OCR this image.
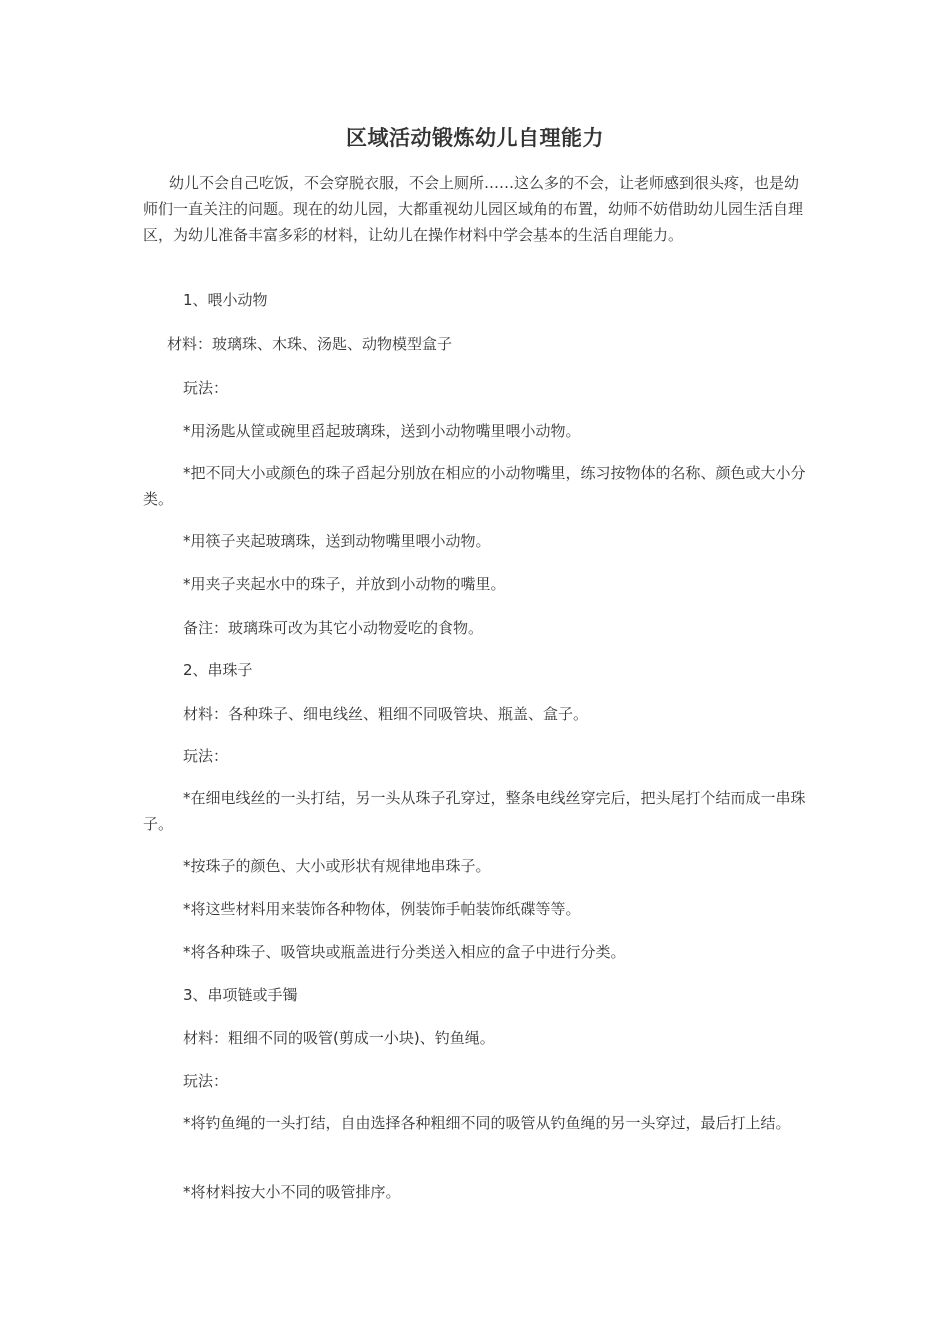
区域活动锻炼幼儿自理能力
幼儿不会自己吃饭，不会穿脱衣服，不会上厕所……这么多的不会，让老师感到很头疼，也是幼师们一直关注的问题。现在的幼儿园，大都重视幼儿园区域角的布置，幼师不妨借助幼儿园生活自理区，为幼儿准备丰富多彩的材料，让幼儿在操作材料中学会基本的生活自理能力。
1、喂小动物
材料：玻璃珠、木珠、汤匙、动物模型盒子
玩法：
*用汤匙从筐或碗里舀起玻璃珠，送到小动物嘴里喂小动物。
*把不同大小或颜色的珠子舀起分别放在相应的小动物嘴里，练习按物体的名称、颜色或大小分类。
*用筷子夹起玻璃珠，送到动物嘴里喂小动物。
*用夹子夹起水中的珠子，并放到小动物的嘴里。
备注：玻璃珠可改为其它小动物爱吃的食物。
2、串珠子
材料：各种珠子、细电线丝、粗细不同吸管块、瓶盖、盒子。
玩法：
*在细电线丝的一头打结，另一头从珠子孔穿过，整条电线丝穿完后，把头尾打个结而成一串珠子。
*按珠子的颜色、大小或形状有规律地串珠子。
*将这些材料用来装饰各种物体，例装饰手帕装饰纸碟等等。
*将各种珠子、吸管块或瓶盖进行分类送入相应的盒子中进行分类。
3、串项链或手镯
材料：粗细不同的吸管(剪成一小块)、钓鱼绳。
玩法：
*将钓鱼绳的一头打结，自由选择各种粗细不同的吸管从钓鱼绳的另一头穿过，最后打上结。
*将材料按大小不同的吸管排序。
